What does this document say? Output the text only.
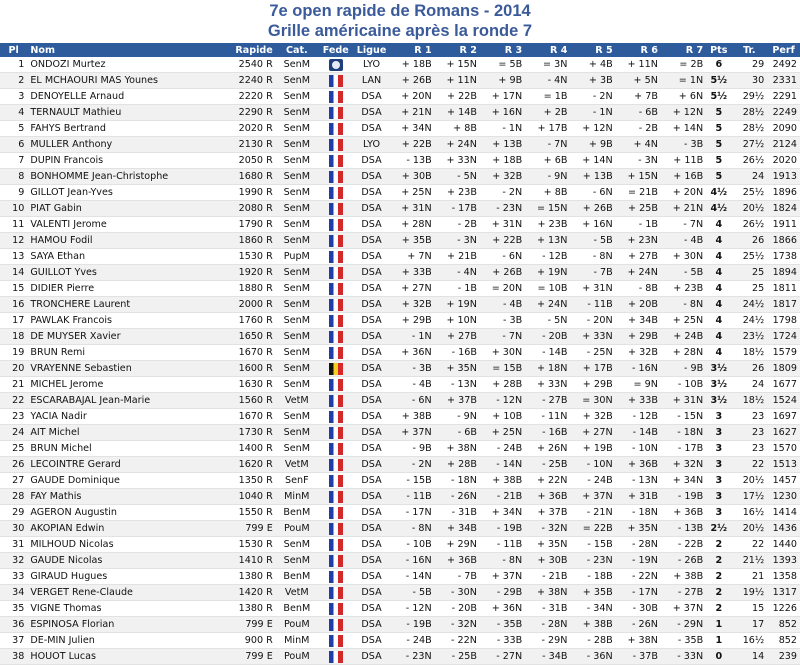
7e open rapide de Romans - 2014
Grille américaine après la ronde 7
Pl	Nom	Rapide	Cat.	Fede	Ligue	R 1	R 2	R 3	R 4	R 5	R 6	R 7	Pts	Tr.	Perf
1	ONDOZI Murtez	2540 R	SenM		LYO	+ 18B	+ 15N	= 5B	= 3N	+ 4B	+ 11N	= 2B	6	29	2492
2	EL MCHAOURI MAS Younes	2240 R	SenM		LAN	+ 26B	+ 11N	+ 9B	- 4N	+ 3B	+ 5N	= 1N	5½	30	2331
3	DENOYELLE Arnaud	2220 R	SenM		DSA	+ 20N	+ 22B	+ 17N	= 1B	- 2N	+ 7B	+ 6N	5½	29½	2291
4	TERNAULT Mathieu	2290 R	SenM		DSA	+ 21N	+ 14B	+ 16N	+ 2B	- 1N	- 6B	+ 12N	5	28½	2249
5	FAHYS Bertrand	2020 R	SenM		DSA	+ 34N	+ 8B	- 1N	+ 17B	+ 12N	- 2B	+ 14N	5	28½	2090
6	MULLER Anthony	2130 R	SenM		LYO	+ 22B	+ 24N	+ 13B	- 7N	+ 9B	+ 4N	- 3B	5	27½	2124
7	DUPIN Francois	2050 R	SenM		DSA	- 13B	+ 33N	+ 18B	+ 6B	+ 14N	- 3N	+ 11B	5	26½	2020
8	BONHOMME Jean-Christophe	1680 R	SenM		DSA	+ 30B	- 5N	+ 32B	- 9N	+ 13B	+ 15N	+ 16B	5	24	1913
9	GILLOT Jean-Yves	1990 R	SenM		DSA	+ 25N	+ 23B	- 2N	+ 8B	- 6N	= 21B	+ 20N	4½	25½	1896
10	PIAT Gabin	2080 R	SenM		DSA	+ 31N	- 17B	- 23N	= 15N	+ 26B	+ 25B	+ 21N	4½	20½	1824
11	VALENTI Jerome	1790 R	SenM		DSA	+ 28N	- 2B	+ 31N	+ 23B	+ 16N	- 1B	- 7N	4	26½	1911
12	HAMOU Fodil	1860 R	SenM		DSA	+ 35B	- 3N	+ 22B	+ 13N	- 5B	+ 23N	- 4B	4	26	1866
13	SAYA Ethan	1530 R	PupM		DSA	+ 7N	+ 21B	- 6N	- 12B	- 8N	+ 27B	+ 30N	4	25½	1738
14	GUILLOT Yves	1920 R	SenM		DSA	+ 33B	- 4N	+ 26B	+ 19N	- 7B	+ 24N	- 5B	4	25	1894
15	DIDIER Pierre	1880 R	SenM		DSA	+ 27N	- 1B	= 20N	= 10B	+ 31N	- 8B	+ 23B	4	25	1811
16	TRONCHERE Laurent	2000 R	SenM		DSA	+ 32B	+ 19N	- 4B	+ 24N	- 11B	+ 20B	- 8N	4	24½	1817
17	PAWLAK Francois	1760 R	SenM		DSA	+ 29B	+ 10N	- 3B	- 5N	- 20N	+ 34B	+ 25N	4	24½	1798
18	DE MUYSER Xavier	1650 R	SenM		DSA	- 1N	+ 27B	- 7N	- 20B	+ 33N	+ 29B	+ 24B	4	23½	1724
19	BRUN Remi	1670 R	SenM		DSA	+ 36N	- 16B	+ 30N	- 14B	- 25N	+ 32B	+ 28N	4	18½	1579
20	VRAYENNE Sebastien	1600 R	SenM		DSA	- 3B	+ 35N	= 15B	+ 18N	+ 17B	- 16N	- 9B	3½	26	1809
21	MICHEL Jerome	1630 R	SenM		DSA	- 4B	- 13N	+ 28B	+ 33N	+ 29B	= 9N	- 10B	3½	24	1677
22	ESCARABAJAL Jean-Marie	1560 R	VetM		DSA	- 6N	+ 37B	- 12N	- 27B	= 30N	+ 33B	+ 31N	3½	18½	1524
23	YACIA Nadir	1670 R	SenM		DSA	+ 38B	- 9N	+ 10B	- 11N	+ 32B	- 12B	- 15N	3	23	1697
24	AIT Michel	1730 R	SenM		DSA	+ 37N	- 6B	+ 25N	- 16B	+ 27N	- 14B	- 18N	3	23	1627
25	BRUN Michel	1400 R	SenM		DSA	- 9B	+ 38N	- 24B	+ 26N	+ 19B	- 10N	- 17B	3	23	1570
26	LECOINTRE Gerard	1620 R	VetM		DSA	- 2N	+ 28B	- 14N	- 25B	- 10N	+ 36B	+ 32N	3	22	1513
27	GAUDE Dominique	1350 R	SenF		DSA	- 15B	- 18N	+ 38B	+ 22N	- 24B	- 13N	+ 34N	3	20½	1457
28	FAY Mathis	1040 R	MinM		DSA	- 11B	- 26N	- 21B	+ 36B	+ 37N	+ 31B	- 19B	3	17½	1230
29	AGERON Augustin	1550 R	BenM		DSA	- 17N	- 31B	+ 34N	+ 37B	- 21N	- 18N	+ 36B	3	16½	1414
30	AKOPIAN Edwin	799 E	PouM		DSA	- 8N	+ 34B	- 19B	- 32N	= 22B	+ 35N	- 13B	2½	20½	1436
31	MILHOUD Nicolas	1530 R	SenM		DSA	- 10B	+ 29N	- 11B	+ 35N	- 15B	- 28N	- 22B	2	22	1440
32	GAUDE Nicolas	1410 R	SenM		DSA	- 16N	+ 36B	- 8N	+ 30B	- 23N	- 19N	- 26B	2	21½	1393
33	GIRAUD Hugues	1380 R	BenM		DSA	- 14N	- 7B	+ 37N	- 21B	- 18B	- 22N	+ 38B	2	21	1358
34	VERGET Rene-Claude	1420 R	VetM		DSA	- 5B	- 30N	- 29B	+ 38N	+ 35B	- 17N	- 27B	2	19½	1317
35	VIGNE Thomas	1380 R	BenM		DSA	- 12N	- 20B	+ 36N	- 31B	- 34N	- 30B	+ 37N	2	15	1226
36	ESPINOSA Florian	799 E	PouM		DSA	- 19B	- 32N	- 35B	- 28N	+ 38B	- 26N	- 29N	1	17	852
37	DE-MIN Julien	900 R	MinM		DSA	- 24B	- 22N	- 33B	- 29N	- 28B	+ 38N	- 35B	1	16½	852
38	HOUOT Lucas	799 E	PouM		DSA	- 23N	- 25B	- 27N	- 34B	- 36N	- 37B	- 33N	0	14	239
